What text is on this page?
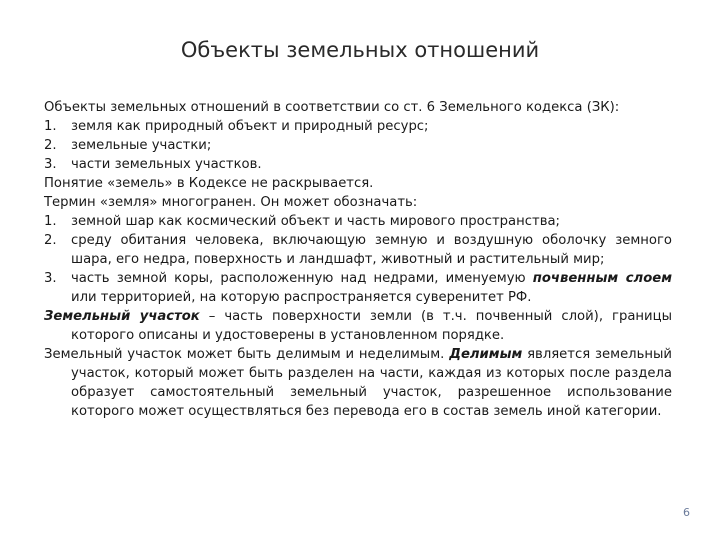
Объекты земельных отношений

Объекты земельных отношений в соответствии со ст. 6 Земельного кодекса (ЗК):

1. земля как природный объект и природный ресурс;
2. земельные участки;
3. части земельных участков.

Понятие «земель» в Кодексе не раскрывается.

Термин «земля» многогранен. Он может обозначать:

1. земной шар как космический объект и часть мирового пространства;
2. среду обитания человека, включающую земную и воздушную оболочку земного шара, его недра, поверхность и ландшафт, животный и растительный мир;
3. часть земной коры, расположенную над недрами, именуемую почвенным слоем или территорией, на которую распространяется суверенитет РФ.

Земельный участок – часть поверхности земли (в т.ч. почвенный слой), границы которого описаны и удостоверены в установленном порядке.

Земельный участок может быть делимым и неделимым. Делимым является земельный участок, который может быть разделен на части, каждая из которых после раздела образует самостоятельный земельный участок, разрешенное использование которого может осуществляться без перевода его в состав земель иной категории.

6
